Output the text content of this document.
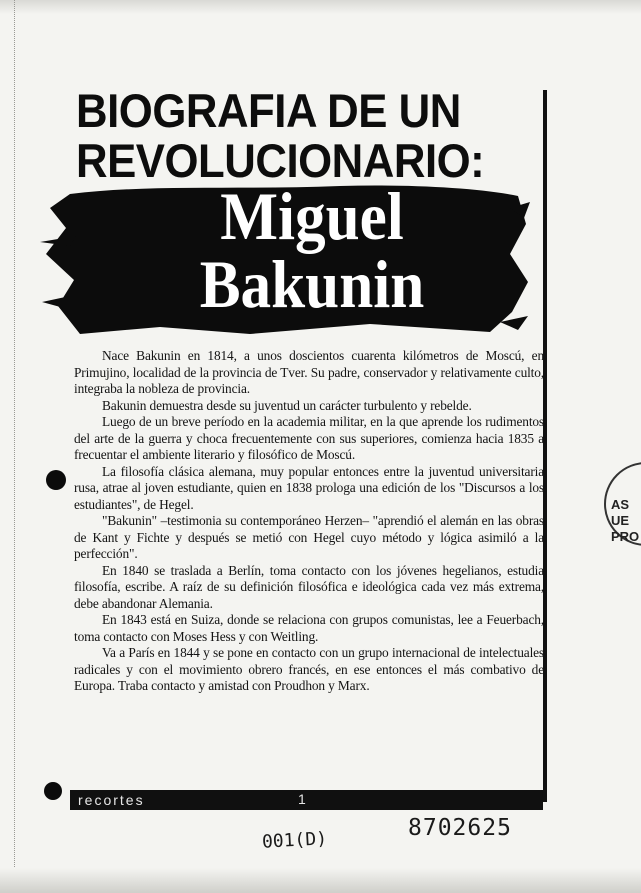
BIOGRAFIA DE UN
REVOLUCIONARIO:
Miguel
Bakunin

Nace Bakunin en 1814, a unos doscientos cuarenta kilómetros de Moscú, en Primujino, localidad de la provincia de Tver. Su padre, conservador y relativamente culto, integraba la nobleza de provincia.

Bakunin demuestra desde su juventud un carácter turbulento y rebelde.

Luego de un breve período en la academia militar, en la que aprende los rudimentos del arte de la guerra y choca frecuentemente con sus superiores, comienza hacia 1835 a frecuentar el ambiente literario y filosófico de Moscú.

La filosofía clásica alemana, muy popular entonces entre la juventud universitaria rusa, atrae al joven estudiante, quien en 1838 prologa una edición de los "Discursos a los estudiantes", de Hegel.

"Bakunin" –testimonia su contemporáneo Herzen– "aprendió el alemán en las obras de Kant y Fichte y después se metió con Hegel cuyo método y lógica asimiló a la perfección".

En 1840 se traslada a Berlín, toma contacto con los jóvenes hegelianos, estudia filosofía, escribe. A raíz de su definición filosófica e ideológica cada vez más extrema, debe abandonar Alemania.

En 1843 está en Suiza, donde se relaciona con grupos comunistas, lee a Feuerbach, toma contacto con Moses Hess y con Weitling.

Va a París en 1844 y se pone en contacto con un grupo internacional de intelectuales radicales y con el movimiento obrero francés, en ese entonces el más combativo de Europa. Traba contacto y amistad con Proudhon y Marx.

recortes	1
001(D)	8702625
AS
UE
PRO
